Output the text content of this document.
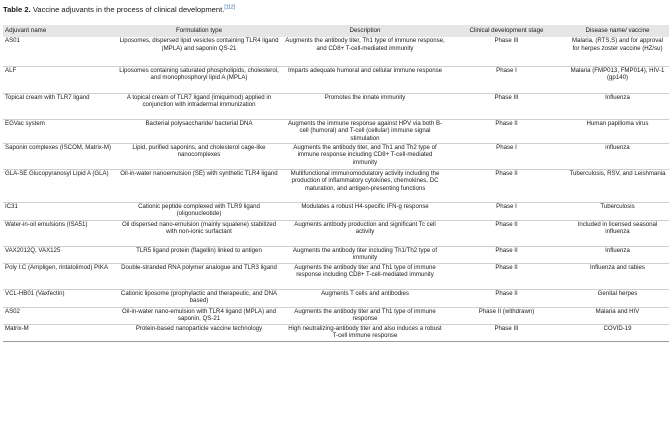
Table 2. Vaccine adjuvants in the process of clinical development.[112]
Adjuvant name	Formulation type	Description	Clinical development stage	Disease name/ vaccine
AS01	Liposomes, dispersed lipid vesicles containing TLR4 ligand (MPLA) and saponin QS-21	Augments the antibody titer, Th1 type of immune response, and CD8+ T-cell-mediated immunity	Phase III	Malaria, (RTS,S) and for approval for herpes zoster vaccine (HZ/su)
ALF	Liposomes containing saturated phospholipids, cholesterol, and monophosphoryl lipid A (MPLA)	Imparts adequate humoral and cellular immune response	Phase I	Malaria (FMP013, FMP014), HIV-1 (gp140)
Topical cream with TLR7 ligand	A topical cream of TLR7 ligand (imiquimod) applied in conjunction with intradermal immunization	Promotes the innate immunity	Phase III	Influenza
EGVac system	Bacterial polysaccharide/ bacterial DNA	Augments the immune response against HPV via both B-cell (humoral) and T-cell (cellular) immune signal stimulation	Phase II	Human papilloma virus
Saponin complexes (ISCOM, Matrix-M)	Lipid, purified saponins, and cholesterol cage-like nanocomplexes	Augments the antibody titer, and Th1 and Th2 type of immune response including CD8+ T-cell-mediated immunity	Phase I	influenza
GLA-SE Glucopyranosyl Lipid A (GLA)	Oil-in-water nanoemulsion (SE) with synthetic TLR4 ligand	Multifunctional immunomodulatory activity including the production of inflammatory cytokines, chemokines, DC maturation, and antigen-presenting functions	Phase II	Tuberculosis, RSV, and Leishmania
IC31	Cationic peptide complexed with TLR9 ligand (oligonucleotide)	Modulates a robust H4-specific IFN-g response	Phase I	Tuberculosis
Water-in-oil emulsions (ISA51)	Oil dispersed nano-emulsion (mainly squalene) stabilized with non-ionic surfactant	Augments antibody production and significant Tc cell activity	Phase II	Included in licensed seasonal influenza
VAX2012Q, VAX125	TLR5 ligand protein (flagellin) linked to antigen	Augments the antibody titer including Th1/Th2 type of immunity	Phase II	Influenza
Poly I:C (Ampligen, rintatolimod) PIKA	Double-stranded RNA polymer analogue and TLR3 ligand	Augments the antibody titer and Th1 type of immune response including CD8+ T-cell-mediated immunity	Phase II	Influenza and rabies
VCL-HB01 (Vaxfectin)	Cationic liposome (prophylactic and therapeutic, and DNA based)	Augments T cells and antibodies	Phase II	Genital herpes
AS02	Oil-in-water nano-emulsion with TLR4 ligand (MPLA) and saponin, QS-21	Augments the antibody titer and Th1 type of immune response	Phase II (withdrawn)	Malaria and HIV
Matrix-M	Protein-based nanoparticle vaccine technology	High neutralizing-antibody titer and also induces a robust T-cell immune response	Phase III	COVID-19
